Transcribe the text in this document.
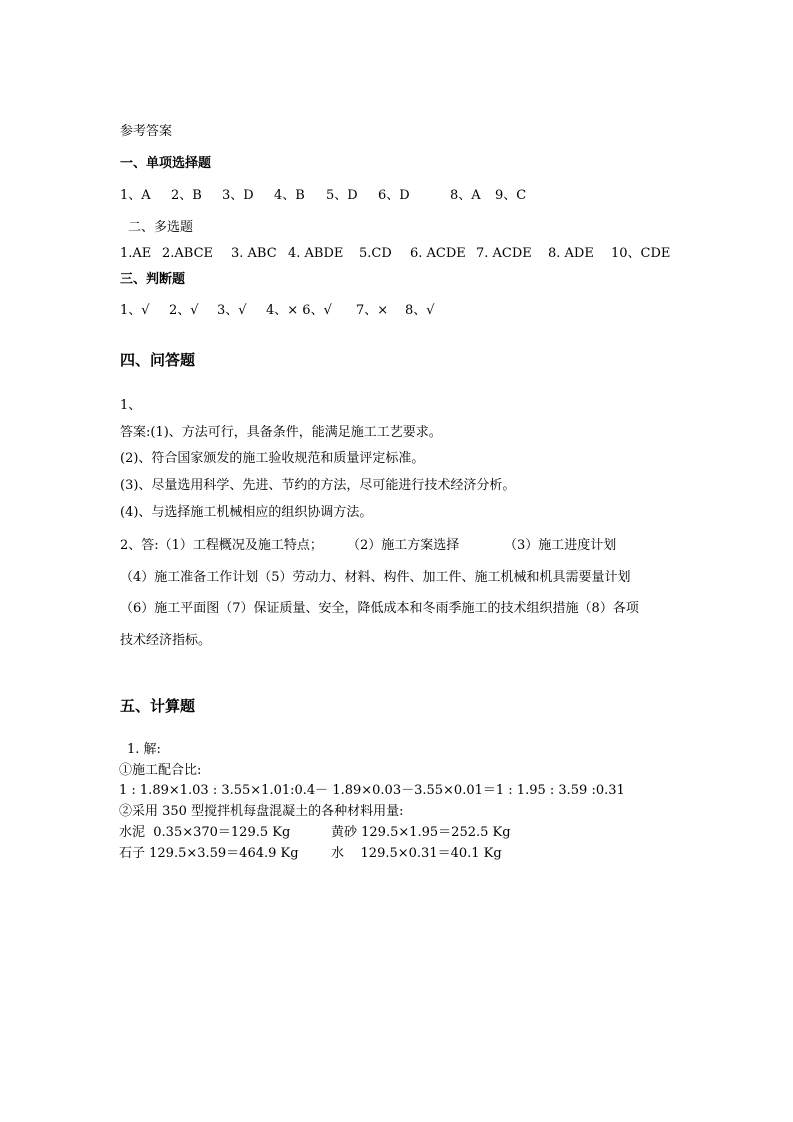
参考答案
一、单项选择题
1、A 2、B 3、D 4、B 5、D 6、D	8、A 9、C
二、多选题
1.AE 2.ABCE 3. ABC 4. ABDE 5.CD 6. ACDE 7. ACDE 8. ADE 10、CDE
三、判断题
1、√ 2、√ 3、√ 4、× 6、√ 7、× 8、√
四、问答题
1、
答案:(1)、方法可行，具备条件，能满足施工工艺要求。
(2)、符合国家颁发的施工验收规范和质量评定标准。
(3)、尽量选用科学、先进、节约的方法，尽可能进行技术经济分析。
(4)、与选择施工机械相应的组织协调方法。
2、答:（1）工程概况及施工特点； （2）施工方案选择	（3）施工进度计划
（4）施工准备工作计划（5）劳动力、材料、构件、加工件、施工机械和机具需要量计划
（6）施工平面图（7）保证质量、安全，降低成本和冬雨季施工的技术组织措施（8）各项
技术经济指标。
五、计算题
1. 解:
①施工配合比:
1 : 1.89×1.03 : 3.55×1.01:0.4－ 1.89×0.03－3.55×0.01＝1 : 1.95 : 3.59 :0.31
②采用 350 型搅拌机每盘混凝土的各种材料用量:
水泥  0.35×370＝129.5 Kg	黄砂 129.5×1.95＝252.5 Kg
石子 129.5×3.59＝464.9 Kg 水    129.5×0.31＝40.1 Kg
